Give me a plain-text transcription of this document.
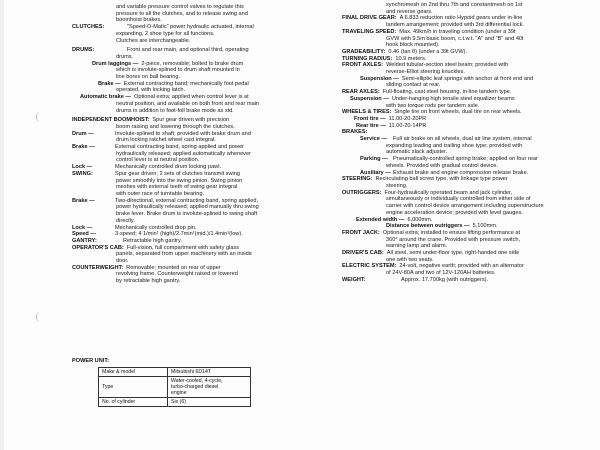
and variable pressure control valves to regulate this
pressure to all the clutches, and to release swing and
boomhoist brakes.
CLUTCHES:	"Speed-O-Matic" power hydraulic actuated, internal
expanding, 2 shoe type for all functions.
Clutches are interchangeable.
DRUMS:	Front and rear main, and optional third, operating
drums.
Drum laggings — 2-piece, removable; bolted to brake drum
which is involute-splined to drum shaft mounted in
line bores on ball bearing.
Brake — External contracting band; mechanically foot pedal
operated, with locking latch.
Automatic brake — Optional extra; applied when control lever is at
neutral position, and available on both front and rear main
drums in addition to foot-foll brake mode as std.
INDEPENDENT BOOMHOIST: Spur gear driven with precision
boom raising and lowering through the clutches.
Drum —	Involute-splined to shaft; provided with brake drum and
drum locking ratchet wheel cast integral.
Brake —	External contracting band, spring applied and power
hydraulically released; applied automatically whenever
control lever is at neutral position.
Lock —	Mechanically controlled drum locking pawl.
SWING:	Spur gear driven; 2 sets of clutches transmit swing
power smoothly into the swing pinion. Swing pinion
meshes with external teeth of swing gear integral
with outer race of turntable bearing.
Brake —	Two-directional, external contracting band, spring applied,
power hydraulically released; applied manually thru swing
brake lever. Brake drum is involute-splined to swing shaft
directly.
Lock —	Mechanically controlled drop pin.
Speed —	3-speed; 4 1/min¹ (high)/2.7min¹(mid.)/1.4min¹(low).
GANTRY:	Retractable high gantry.
OPERATOR'S CAB: Full-vision, full compartment with safety glass
panels, separated from upper machinery with an inside
door.
COUNTERWEIGHT: Removable; mounted on rear of upper
revolving frame. Counterweight raised or lowered
by retractable high gantry.
POWER UNIT:
Make & model	Mitsubishi 6D14T

Type	Water-cooled, 4-cycle,
turbo-charged diesel
engine

No. of cylinder	Six (6)
synchromesh on 2nd thru 7th and constantmesh on 1st
and reverse gears.
FINAL DRIVE GEAR: A 6.833 reduction ratio Hypoid gears under in-line
tandem arrangement; provided with 3rd differential lock.
TRAVELING SPEED: Max. 49km/h in traveling condition (under a 39t
GVW with 9.5m basic boom, c.t.w.t. "A" and "B" and 40t
hook block mounted).
GRADEABILITY: 0.46 (tan θ) (under a 39t GVW).
TURNING RADIUS: 10.9 meters.
FRONT AXLES: Welded tubular-section steel beam; provided with
reverse-Elliot steering knuckles.
Suspension — Semi-elliptic leaf springs with anchor at front end and
sliding contact at rear.
REAR AXLES: Full-floating, cast steel housing, in-line tandem type.
Suspension — Under-hanging high tensile steel equalizer beams
with two torque rods per tandem axle.
WHEELS & TIRES: Single tire on front wheels, dual tire on rear wheels.
Front tire — 11.00-20-20PR
Rear tire — 11.00-20-14PR
BRAKES:
Service —	Full air brake on all wheels, dual air line system, internal
expanding leading and trailing shoe type; provided with
automatic slack adjuster.
Parking — Pneumatically-controlled spring brake; applied on four rear
wheels. Provided with gradual control device.
Auxiliary — Exhaust brake and engine compression release brake.
STEERING: Recirculating ball screw type, with linkage type power
steering.
OUTRIGGERS: Four-hydraulically operated beam and jack cylinder,
simultaneously or individually controlled from either side of
carrier with control device arrangement including superstructure
engine acceleration device; provided with level gauges.
Extended width — 6,000mm.
Distance between outriggers — 5,100mm.
FRONT JACK: Optional extra; installed to ensure lifting performance at
360° around the crane. Provided with pressure switch,
warning lamp and alarm.
DRIVER'S CAB: All steel, semi under-floor type, right-handed one side
one with two seats.
ELECTRIC SYSTEM: 24-volt, negative earth; provided with an alternator
of 24V-80A and two of 12V-120AH batteries.
WEIGHT:	Approx. 17,700kg (with outriggers).
